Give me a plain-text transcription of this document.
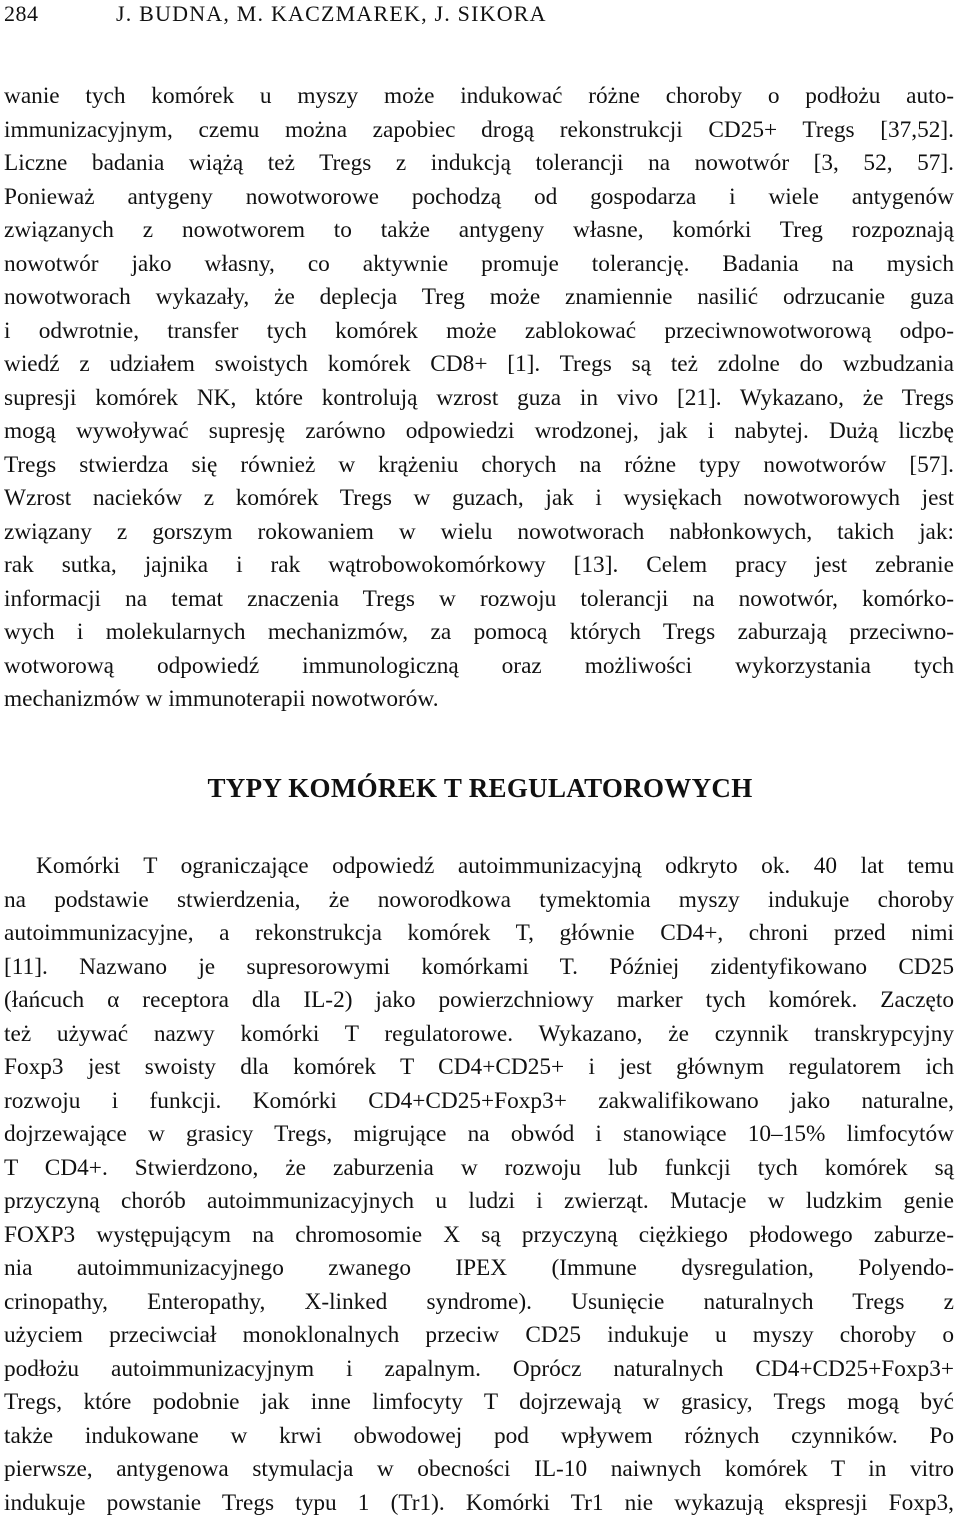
284	J. BUDNA, M. KACZMAREK, J. SIKORA
wanie tych komórek u myszy może indukować różne choroby o podłożu auto-
immunizacyjnym, czemu można zapobiec drogą rekonstrukcji CD25+ Tregs [37,52].
Liczne badania wiążą też Tregs z indukcją tolerancji na nowotwór [3, 52, 57].
Ponieważ antygeny nowotworowe pochodzą od gospodarza i wiele antygenów
związanych z nowotworem to także antygeny własne, komórki Treg rozpoznają
nowotwór jako własny, co aktywnie promuje tolerancję. Badania na mysich
nowotworach wykazały, że deplecja Treg może znamiennie nasilić odrzucanie guza
i odwrotnie, transfer tych komórek może zablokować przeciwnowotworową odpo-
wiedź z udziałem swoistych komórek CD8+ [1]. Tregs są też zdolne do wzbudzania
supresji komórek NK, które kontrolują wzrost guza in vivo [21]. Wykazano, że Tregs
mogą wywoływać supresję zarówno odpowiedzi wrodzonej, jak i nabytej. Dużą liczbę
Tregs stwierdza się również w krążeniu chorych na różne typy nowotworów [57].
Wzrost nacieków z komórek Tregs w guzach, jak i wysiękach nowotworowych jest
związany z gorszym rokowaniem w wielu nowotworach nabłonkowych, takich jak:
rak sutka, jajnika i rak wątrobowokomórkowy [13]. Celem pracy jest zebranie
informacji na temat znaczenia Tregs w rozwoju tolerancji na nowotwór, komórko-
wych i molekularnych mechanizmów, za pomocą których Tregs zaburzają przeciwno-
wotworową odpowiedź immunologiczną oraz możliwości wykorzystania tych
mechanizmów w immunoterapii nowotworów.
TYPY KOMÓREK T REGULATOROWYCH
Komórki T ograniczające odpowiedź autoimmunizacyjną odkryto ok. 40 lat temu
na podstawie stwierdzenia, że noworodkowa tymektomia myszy indukuje choroby
autoimmunizacyjne, a rekonstrukcja komórek T, głównie CD4+, chroni przed nimi
[11]. Nazwano je supresorowymi komórkami T. Później zidentyfikowano CD25
(łańcuch α receptora dla IL-2) jako powierzchniowy marker tych komórek. Zaczęto
też używać nazwy komórki T regulatorowe. Wykazano, że czynnik transkrypcyjny
Foxp3 jest swoisty dla komórek T CD4+CD25+ i jest głównym regulatorem ich
rozwoju i funkcji. Komórki CD4+CD25+Foxp3+ zakwalifikowano jako naturalne,
dojrzewające w grasicy Tregs, migrujące na obwód i stanowiące 10–15% limfocytów
T CD4+. Stwierdzono, że zaburzenia w rozwoju lub funkcji tych komórek są
przyczyną chorób autoimmunizacyjnych u ludzi i zwierząt. Mutacje w ludzkim genie
FOXP3 występującym na chromosomie X są przyczyną ciężkiego płodowego zaburze-
nia autoimmunizacyjnego zwanego IPEX (Immune dysregulation, Polyendo-
crinopathy, Enteropathy, X-linked syndrome). Usunięcie naturalnych Tregs z
użyciem przeciwciał monoklonalnych przeciw CD25 indukuje u myszy choroby o
podłożu autoimmunizacyjnym i zapalnym. Oprócz naturalnych CD4+CD25+Foxp3+
Tregs, które podobnie jak inne limfocyty T dojrzewają w grasicy, Tregs mogą być
także indukowane w krwi obwodowej pod wpływem różnych czynników. Po
pierwsze, antygenowa stymulacja w obecności IL-10 naiwnych komórek T in vitro
indukuje powstanie Tregs typu 1 (Tr1). Komórki Tr1 nie wykazują ekspresji Foxp3,
